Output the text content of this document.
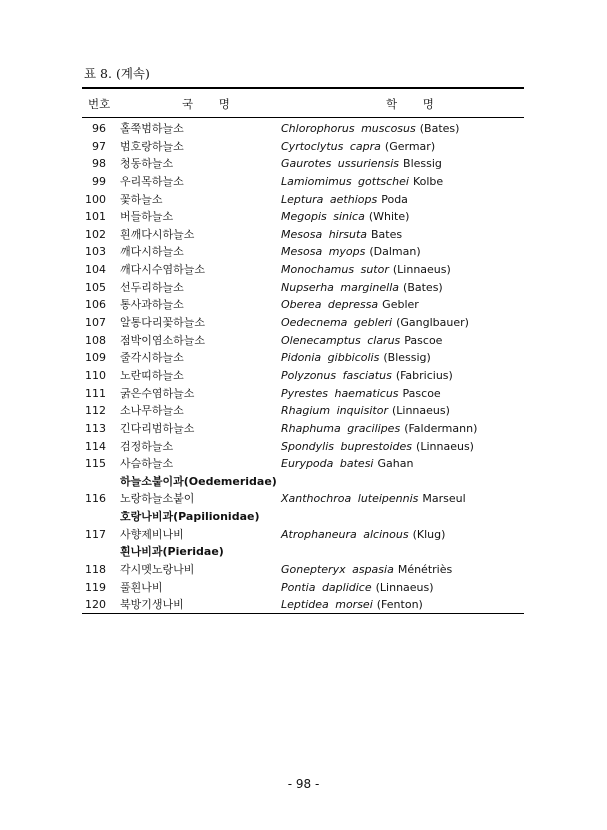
표 8. (계속)
번호	국 명	학 명
96 홀쭉범하늘소	Chlorophorus muscosus (Bates)
97 범호랑하늘소	Cyrtoclytus capra (Germar)
98 청동하늘소	Gaurotes ussuriensis Blessig
99 우리목하늘소	Lamiomimus gottschei Kolbe
100 꽃하늘소	Leptura aethiops Poda
101 버들하늘소	Megopis sinica (White)
102 흰깨다시하늘소	Mesosa hirsuta Bates
103 깨다시하늘소	Mesosa myops (Dalman)
104 깨다시수염하늘소	Monochamus sutor (Linnaeus)
105 선두리하늘소	Nupserha marginella (Bates)
106 통사과하늘소	Oberea depressa Gebler
107 알통다리꽃하늘소	Oedecnema gebleri (Ganglbauer)
108 점박이염소하늘소	Olenecamptus clarus Pascoe
109 줄각시하늘소	Pidonia gibbicolis (Blessig)
110 노란띠하늘소	Polyzonus fasciatus (Fabricius)
111 굵은수염하늘소	Pyrestes haematicus Pascoe
112 소나무하늘소	Rhagium inquisitor (Linnaeus)
113 긴다리범하늘소	Rhaphuma gracilipes (Faldermann)
114 검정하늘소	Spondylis buprestoides (Linnaeus)
115 사슴하늘소	Eurypoda batesi Gahan
하늘소붙이과(Oedemeridae)
116 노랑하늘소붙이	Xanthochroa luteipennis Marseul
호랑나비과(Papilionidae)
117 사향제비나비	Atrophaneura alcinous (Klug)
흰나비과(Pieridae)
118 각시멧노랑나비	Gonepteryx aspasia Ménétriès
119 풀흰나비	Pontia daplidice (Linnaeus)
120 북방기생나비	Leptidea morsei (Fenton)
- 98 -
